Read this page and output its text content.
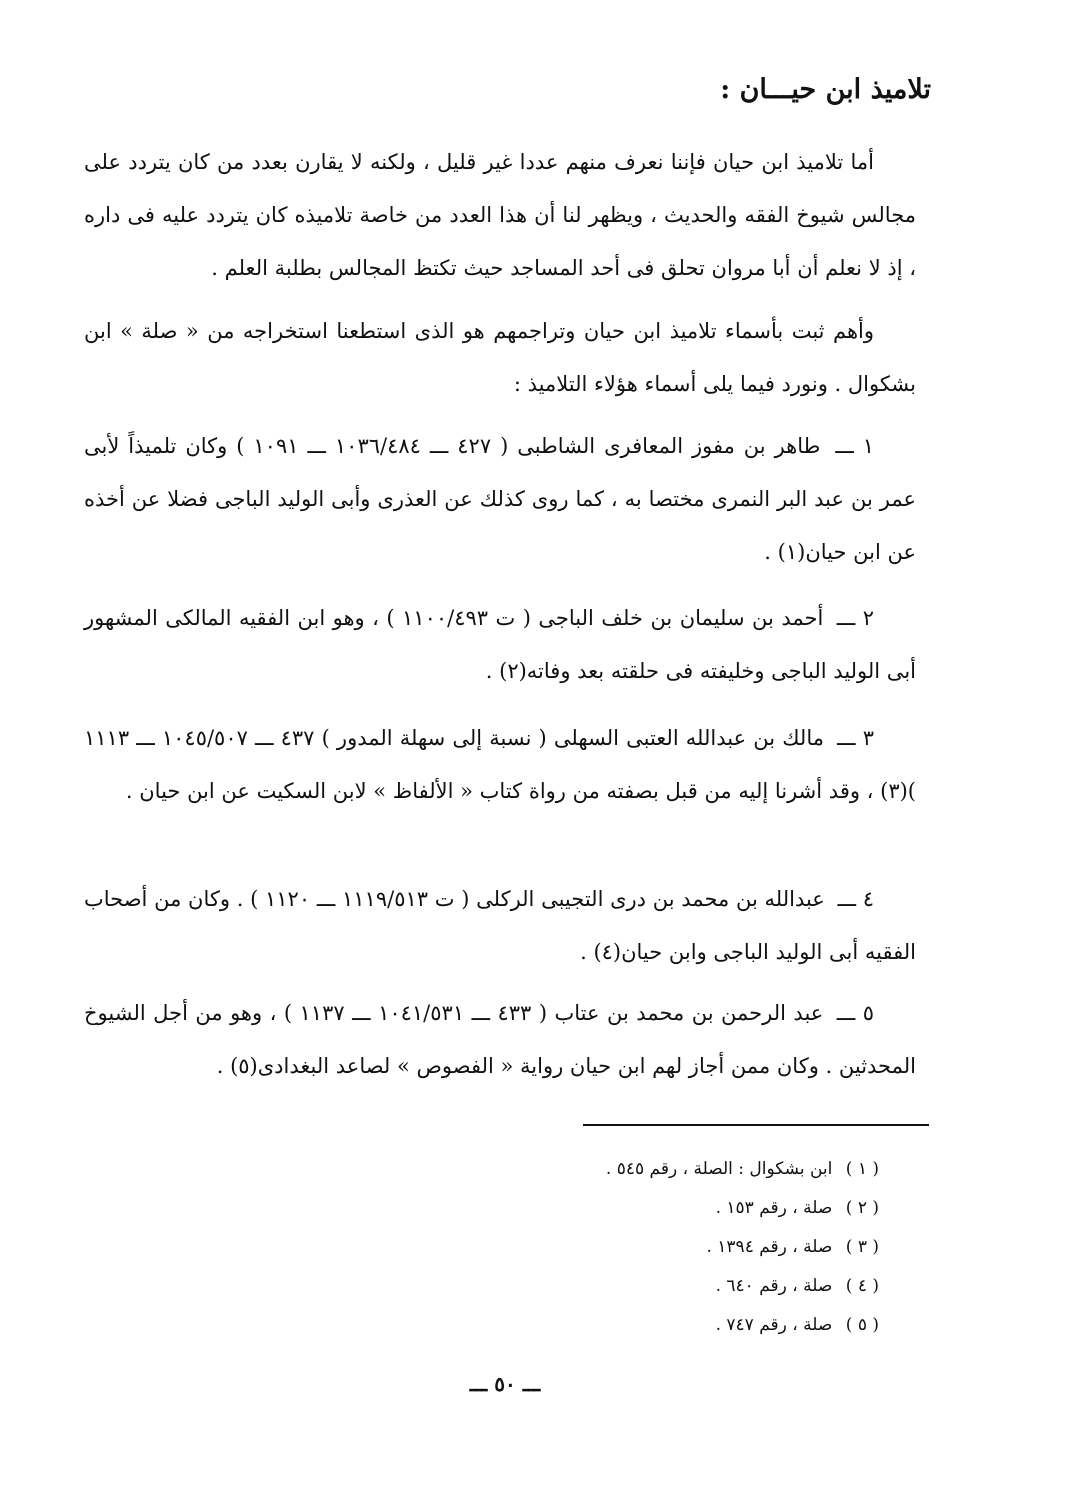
تلاميذ ابن حيـــان :

أما تلاميذ ابن حيان فإننا نعرف منهم عددا غير قليل ، ولكنه لا يقارن بعدد من كان يتردد على مجالس شيوخ الفقه والحديث ، ويظهر لنا أن هذا العدد من خاصة تلاميذه كان يتردد عليه فى داره ، إذ لا نعلم أن أبا مروان تحلق فى أحد المساجد حيث تكتظ المجالس بطلبة العلم .

وأهم ثبت بأسماء تلاميذ ابن حيان وتراجمهم هو الذى استطعنا استخراجه من « صلة » ابن بشكوال . ونورد فيما يلى أسماء هؤلاء التلاميذ :

١ ـــ طاهر بن مفوز المعافرى الشاطبى ( ٤٢٧ ـــ ١٠٣٦/٤٨٤ ـــ ١٠٩١ ) وكان تلميذاً لأبى عمر بن عبد البر النمرى مختصا به ، كما روى كذلك عن العذرى وأبى الوليد الباجى فضلا عن أخذه عن ابن حيان(١) .

٢ ـــ أحمد بن سليمان بن خلف الباجى ( ت ١١٠٠/٤٩٣ ) ، وهو ابن الفقيه المالكى المشهور أبى الوليد الباجى وخليفته فى حلقته بعد وفاته(٢) .

٣ ـــ مالك بن عبدالله العتبى السهلى ( نسبة إلى سهلة المدور ) ٤٣٧ ـــ ١٠٤٥/٥٠٧ ـــ ١١١٣ )(٣) ، وقد أشرنا إليه من قبل بصفته من رواة كتاب « الألفاظ » لابن السكيت عن ابن حيان .

٤ ـــ عبدالله بن محمد بن درى التجيبى الركلى ( ت ١١١٩/٥١٣ ـــ ١١٢٠ ) . وكان من أصحاب الفقيه أبى الوليد الباجى وابن حيان(٤) .

٥ ـــ عبد الرحمن بن محمد بن عتاب ( ٤٣٣ ـــ ١٠٤١/٥٣١ ـــ ١١٣٧ ) ، وهو من أجل الشيوخ المحدثين . وكان ممن أجاز لهم ابن حيان رواية « الفصوص » لصاعد البغدادى(٥) .

( ١ ) ابن بشكوال : الصلة ، رقم ٥٤٥ .
( ٢ ) صلة ، رقم ١٥٣ .
( ٣ ) صلة ، رقم ١٣٩٤ .
( ٤ ) صلة ، رقم ٦٤٠ .
( ٥ ) صلة ، رقم ٧٤٧ .
ـــ ٥٠ ـــ
